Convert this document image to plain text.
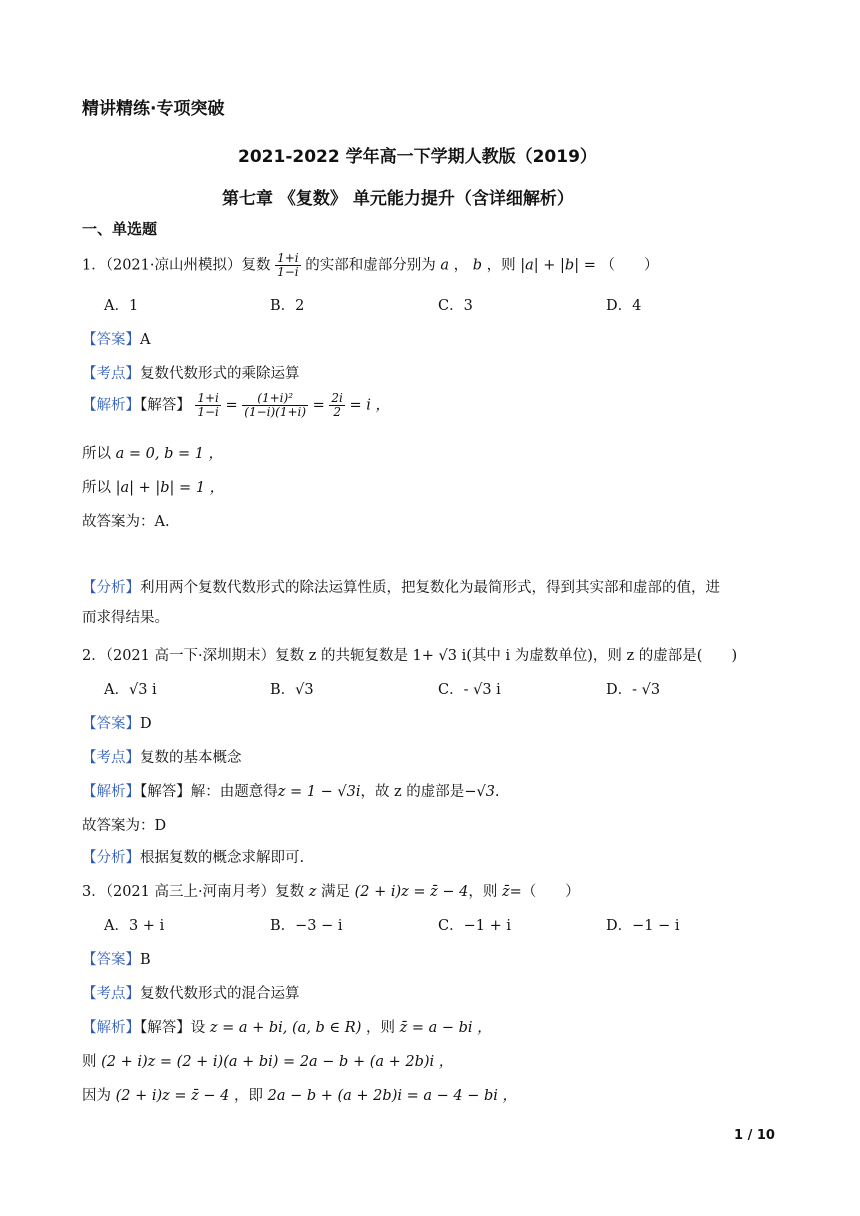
精讲精练·专项突破
2021-2022 学年高一下学期人教版（2019）
第七章 《复数》 单元能力提升（含详细解析）
一、单选题
1．（2021·凉山州模拟）复数 $\frac{1+i}{1-i}$ 的实部和虚部分别为 a ， b ，则 |a| + |b| = （　　）
A．1	B．2	C．3	D．4
【答案】A
【考点】复数代数形式的乘除运算
【解析】【解答】 $\frac{1+i}{1-i} = \frac{\text{(1+i)²}}{(1-i)(1+i)} = \frac{2i}{2} = i$ ，
所以 a = 0, b = 1 ，
所以 |a| + |b| = 1 ，
故答案为：A.
【分析】利用两个复数代数形式的除法运算性质，把复数化为最简形式，得到其实部和虚部的值，进
而求得结果。
2．（2021 高一下·深圳期末）复数 z 的共轭复数是 1+ √3 i(其中 i 为虚数单位)，则 z 的虚部是(　　)
A．√3 i	B．√3	C．- √3 i	D．- √3
【答案】D
【考点】复数的基本概念
【解析】【解答】解：由题意得z = 1 − √3i，故 z 的虚部是−√3.
故答案为：D
【分析】根据复数的概念求解即可.
3．（2021 高三上·河南月考）复数 z 满足 (2 + i)z = z̄ − 4，则 z̄=（　　）
A．3 + i	B．−3 − i	C．−1 + i	D．−1 − i
【答案】B
【考点】复数代数形式的混合运算
【解析】【解答】设 z = a + bi, (a, b ∈ R) ，则 z̄ = a − bi ，
则 (2 + i)z = (2 + i)(a + bi) = 2a − b + (a + 2b)i ，
因为 (2 + i)z = z̄ − 4 ，即 2a − b + (a + 2b)i = a − 4 − bi ，
1 / 10
